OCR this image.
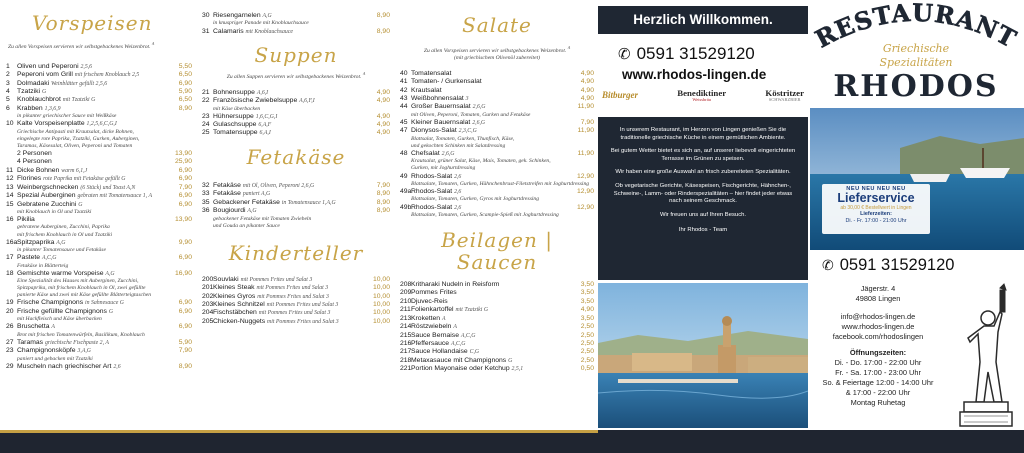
Vorspeisen
Zu allen Vorspeisen servieren wir selbstgebackenes Weizenbrot. $^A$
1	Oliven und Peperoni 2,5,6	5,50
2	Peperoni vom Grill mit frischem Knoblauch 2,5	6,50
3	Dolmadaki Weinblätter gefüllt 2,5,6	6,90
4	Tzatziki G	5,90
5	Knoblauchbrot mit Tzatziki G	6,50
6	Krabben 1,3,6,9	8,90
in pikanter griechischer Sauce mit Weißkäse
10 Kalte Vorspeisenplatte 1,2,5,6,C,G,I
Griechische Antipasti mit Krautsalat, dicke Bohnen,
eingelegte rote Paprika, Tzatziki, Gurken, Auberginen,
Taramas, Käsesalat, Oliven, Peperoni und Tomaten
2 Personen	13,90
4 Personen	25,90
11 Dicke Bohnen warm 6,1,J	6,90
12 Florines rote Paprika mit Fetakäse gefüllt G	6,90
13 Weinbergschnecken (6 Stück) und Toast A,N	7,90
14 Spezial Auberginen gebraten mit Tomatensauce 1, A	6,90
15 Gebratene Zucchini G	6,90
mit Knoblauch in Öl und Tzatziki
16 Pikilia	13,90
gebratene Auberginen, Zucchini, Paprika
mit frischem Knoblauch in Öl und Tzatziki
16a Spitzpaprika A,G	9,90
in pikanter Tomatensauce und Fetakäse
17 Pastete A,C,G	6,90
Fetakäse in Blätterteig
18 Gemischte warme Vorspeise A,G	16,90
Eine Spezialität des Hauses mit Auberginen, Zucchini,
Spitzpaprika, mit frischem Knoblauch in Öl, zwei gefüllte
panierte Käse und zwei mit Käse gefüllte Blätterteigtaschen
19 Frische Champignons in Sahnesauce G	6,90
20 Frische gefüllte Champignons G	6,90
mit Hackfleisch und Käse überbacken
26 Bruschetta A	6,90
Brot mit frischen Tomatenwürfeln, Basilikum, Knoblauch
27 Taramas griechische Fischpaste 2, A	5,90
23 Champignonsköpfe 3,A,G	7,90
paniert und gebacken mit Tzatziki
29 Muscheln nach griechischer Art 2,6	8,90
30 Riesengarnelen A,G	8,90
in knuspriger Panade mit Knoblauchsauce
31 Calamaris mit Knoblauchsauce	8,90
Suppen
Zu allen Suppen servieren wir selbstgebackenes Weizenbrot. $^A$
21 Bohnensuppe A,6,I	4,90
22 Französische Zwiebelsuppe A,6,F,I	4,90
mit Käse überbacken
23 Hühnersuppe 1,6,C,G,I	4,90
24 Gulaschsuppe 6,A,F	4,90
25 Tomatensuppe 6,A,I	4,90
Fetakäse
32 Fetakäse mit Öl, Oliven, Peperoni 2,6,G	7,90
33 Fetakäse paniert A,G	8,90
35 Gebackener Fetakäse in Tomatensauce 1,A,G	8,90
36 Bougiourdi A,G	8,90
gebackener Fetakäse mit Tomaten Zwiebeln
und Gouda an pikanter Sauce
Kinderteller
200 Souvlaki mit Pommes Frites und Salat 3	10,00
201 Kleines Steak mit Pommes Frites und Salat 3	10,00
202 Kleines Gyros mit Pommes Frites und Salat 3	10,00
203 Kleines Schnitzel mit Pommes Frites und Salat 3	10,00
204 Fischstäbchen mit Pommes Frites und Salat 3	10,00
205 Chicken-Nuggets mit Pommes Frites und Salat 3	10,00
Salate
Zu allen Vorspeisen servieren wir selbstgebackenes Weizenbrot. $^A$
(mit griechischem Olivenöl zubereitet)
40 Tomatensalat	4,90
41 Tomaten- / Gurkensalat	4,90
42 Krautsalat	4,90
43 Weißbohnensalat 3	4,90
44 Großer Bauernsalat 2,6,G	11,90
mit Oliven, Peperoni, Tomaten, Gurken und Fetakäse
45 Kleiner Bauernsalat 2,6,G	7,90
47 Dionysos-Salat 2,3,C,G	11,90
Blattsalat, Tomaten, Gurken, Thunfisch, Käse,
und gekochten Schinken mit Salatdressing
48 Chefsalat 2,6,G	11,90
Krautsalat, grüner Salat, Käse, Mais, Tomaten, gek. Schinken,
Gurken, mit Joghurtdressing
49 Rhodos-Salat 2,6	12,90
Blattsalate, Tomaten, Gurken, Hähnchenbrust-Filetstreifen mit Joghurtdressing
49a Rhodos-Salat 2,6	12,90
Blattsalate, Tomaten, Gurken, Gyros mit Joghurtdressing
49b Rhodos-Salat 2,6	12,90
Blattsalate, Tomaten, Gurken, Scampie-Spieß mit Joghurtdressing
Beilagen | Saucen
208 Kritharaki Nudeln in Reisform	3,50
209 Pommes Frites	3,50
210 Djuvec-Reis	3,50
211 Folienkartoffel mit Tzatziki G	4,90
213 Kroketten A	3,50
214 Röstzwiebeln A	2,50
215 Sauce Bernaise A,C,G	2,50
216 Pfeffersauce A,C,G	2,50
217 Sauce Hollandaise C,G	2,50
218 Metaxasauce mit Champignons G	2,50
221 Portion Mayonaise oder Ketchup 2,5,1	0,50
Herzlich Willkommen.
✆ 0591 31529120
www.rhodos-lingen.de
Bitburger	Benediktiner
Weissbräu
Köstritzer
SCHWARZBIER

In unserem Restaurant, im Herzen von Lingen genießen Sie die traditionelle griechische Küche in einem gemütlichen Ambiente.

Bei gutem Wetter bietet es sich an, auf unserer liebevoll eingerichteten Terrasse im Grünen zu speisen.

Wir haben eine große Auswahl an frisch zubereiteten Spezialitäten.

Ob vegetarische Gerichte, Käsespeisen, Fischgerichte, Hähnchen-, Schweine-, Lamm- oder Rinderspezialitäten – hier findet jeder etwas nach seinem Geschmack.

Wir freuen uns auf Ihren Besuch.

Ihr Rhodos - Team

RESTAURANT
Griechische
Spezialitäten
RHODOS
NEU NEU NEU NEU
Lieferservice
ab 30,00 € Bestellwert in Lingen
Lieferzeiten:
Di. - Fr. 17:00 - 21:00 Uhr
✆ 0591 31529120
Jägerstr. 4
49808 Lingen
info@rhodos-lingen.de
www.rhodos-lingen.de
facebook.com/rhodoslingen
Öffnungszeiten:
Di. - Do. 17:00 - 22:00 Uhr
Fr. - Sa. 17:00 - 23:00 Uhr
So. & Feiertage 12:00 - 14:00 Uhr
& 17:00 - 22:00 Uhr
Montag Ruhetag
